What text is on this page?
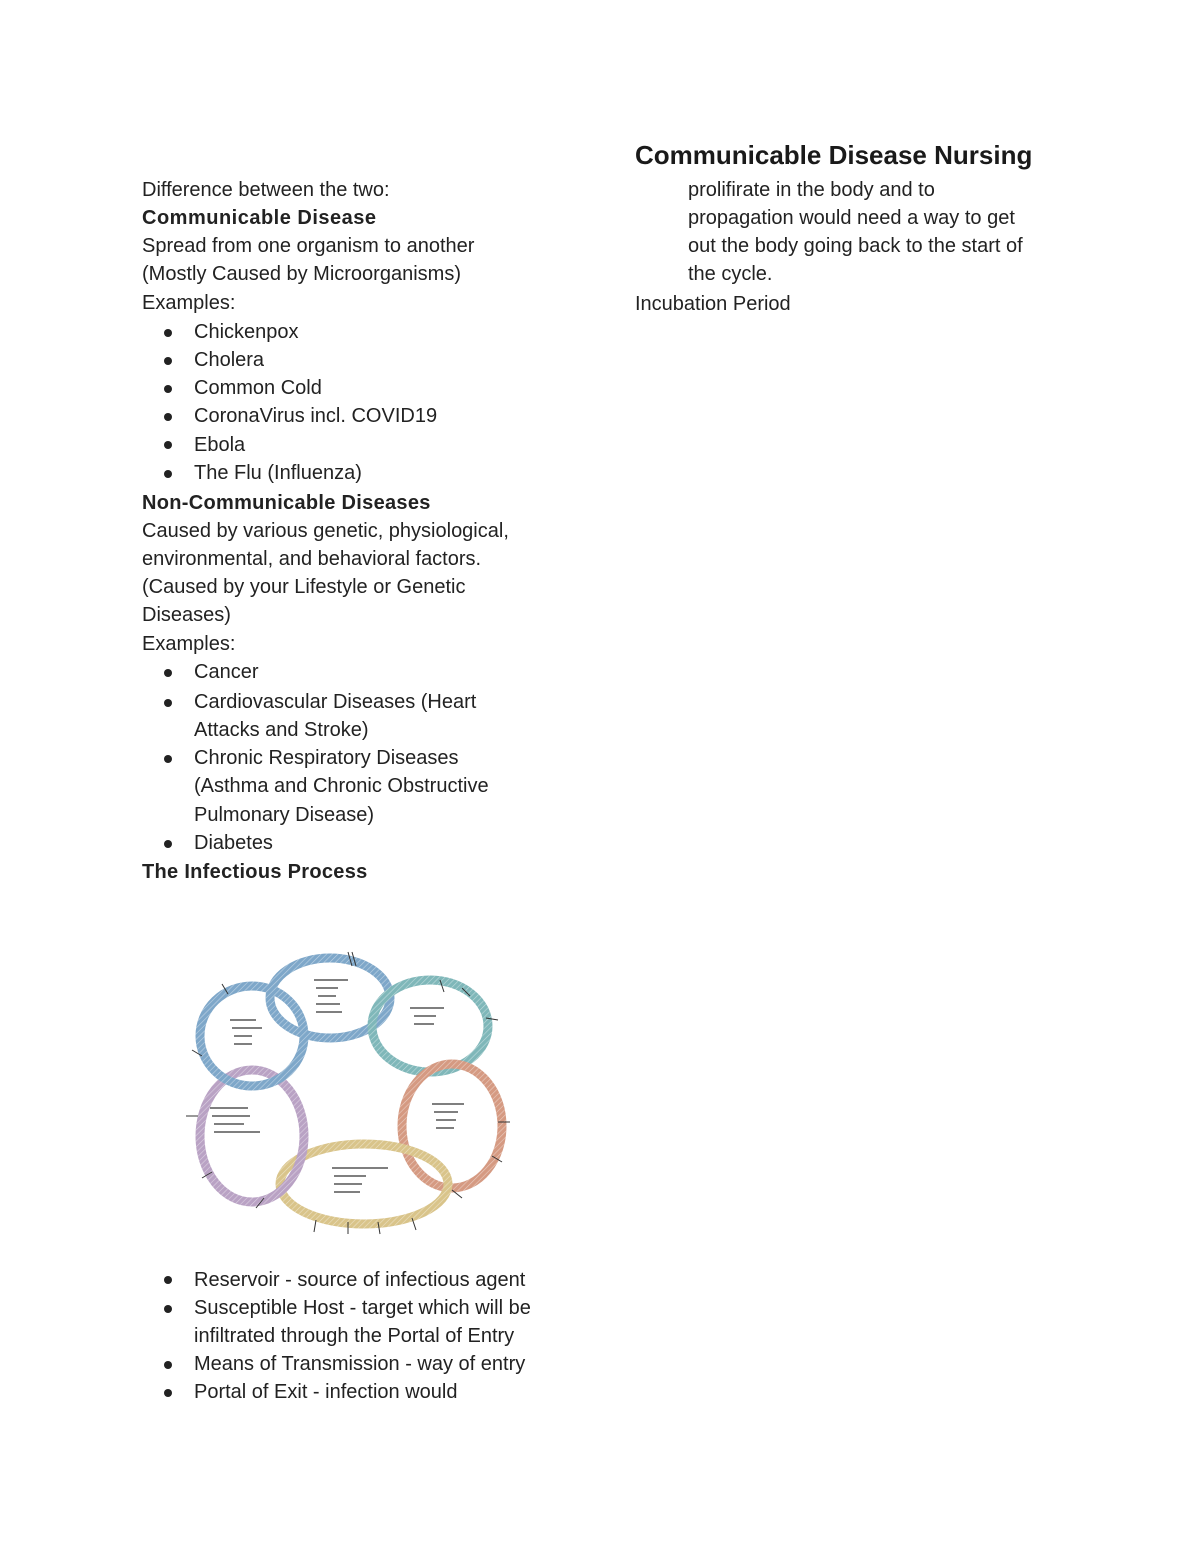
Communicable Disease Nursing
prolifirate in the body and to
propagation would need a way to get
out the body going back to the start of
the cycle.
Incubation Period
Difference between the two:
Communicable Disease
Spread from one organism to another
(Mostly Caused by Microorganisms)
Examples:
Chickenpox
Cholera
Common Cold
CoronaVirus incl. COVID19
Ebola
The Flu (Influenza)
Non-Communicable Diseases
Caused by various genetic, physiological,
environmental, and behavioral factors.
(Caused by your Lifestyle or Genetic
Diseases)
Examples:
Cancer
Cardiovascular Diseases (Heart
Attacks and Stroke)
Chronic Respiratory Diseases
(Asthma and Chronic Obstructive
Pulmonary Disease)
Diabetes
The Infectious Process
Reservoir - source of infectious agent
Susceptible Host - target which will be
infiltrated through the Portal of Entry
Means of Transmission - way of entry
Portal of Exit - infection would
